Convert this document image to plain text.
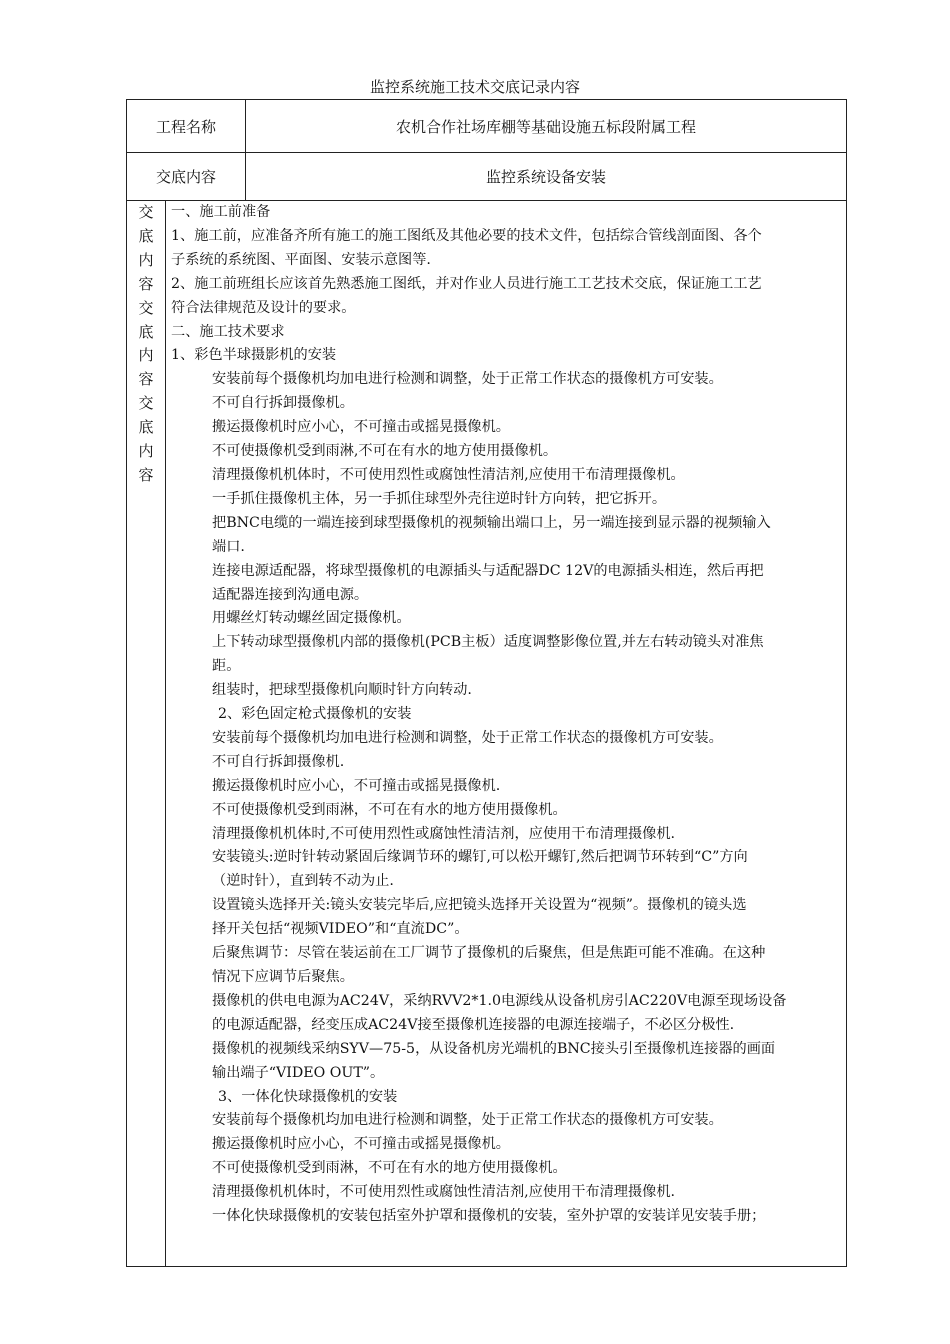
监控系统施工技术交底记录内容
工程名称	农机合作社场库棚等基础设施五标段附属工程
交底内容	监控系统设备安装
交
底
内
容
交
底
内
容
交
底
内
容

一、施工前准备

1、施工前，应准备齐所有施工的施工图纸及其他必要的技术文件，包括综合管线剖面图、各个

子系统的系统图、平面图、安装示意图等.

2、施工前班组长应该首先熟悉施工图纸，并对作业人员进行施工工艺技术交底，保证施工工艺

符合法律规范及设计的要求。

二、施工技术要求

1、彩色半球摄影机的安装

安装前每个摄像机均加电进行检测和调整，处于正常工作状态的摄像机方可安装。

不可自行拆卸摄像机。

搬运摄像机时应小心，不可撞击或摇晃摄像机。

不可使摄像机受到雨淋,不可在有水的地方使用摄像机。

清理摄像机机体时，不可使用烈性或腐蚀性清洁剂,应使用干布清理摄像机。

一手抓住摄像机主体，另一手抓住球型外壳往逆时针方向转，把它拆开。

把BNC电缆的一端连接到球型摄像机的视频输出端口上，另一端连接到显示器的视频输入

端口.

连接电源适配器，将球型摄像机的电源插头与适配器DC 12V的电源插头相连，然后再把

适配器连接到沟通电源。

用螺丝灯转动螺丝固定摄像机。

上下转动球型摄像机内部的摄像机(PCB主板）适度调整影像位置,并左右转动镜头对准焦

距。

组装时，把球型摄像机向顺时针方向转动.

2、彩色固定枪式摄像机的安装

安装前每个摄像机均加电进行检测和调整，处于正常工作状态的摄像机方可安装。

不可自行拆卸摄像机.

搬运摄像机时应小心，不可撞击或摇晃摄像机.

不可使摄像机受到雨淋，不可在有水的地方使用摄像机。

清理摄像机机体时,不可使用烈性或腐蚀性清洁剂，应使用干布清理摄像机.

安装镜头:逆时针转动紧固后缘调节环的螺钉,可以松开螺钉,然后把调节环转到“C”方向

（逆时针），直到转不动为止.

设置镜头选择开关:镜头安装完毕后,应把镜头选择开关设置为“视频”。摄像机的镜头选

择开关包括“视频VIDEO”和“直流DC”。

后聚焦调节：尽管在装运前在工厂调节了摄像机的后聚焦，但是焦距可能不准确。在这种

情况下应调节后聚焦。

摄像机的供电电源为AC24V，采纳RVV2*1.0电源线从设备机房引AC220V电源至现场设备

的电源适配器，经变压成AC24V接至摄像机连接器的电源连接端子，不必区分极性.

摄像机的视频线采纳SYV—75-5，从设备机房光端机的BNC接头引至摄像机连接器的画面

输出端子“VIDEO OUT”。

3、一体化快球摄像机的安装

安装前每个摄像机均加电进行检测和调整，处于正常工作状态的摄像机方可安装。

搬运摄像机时应小心，不可撞击或摇晃摄像机。

不可使摄像机受到雨淋，不可在有水的地方使用摄像机。

清理摄像机机体时，不可使用烈性或腐蚀性清洁剂,应使用干布清理摄像机.

一体化快球摄像机的安装包括室外护罩和摄像机的安装，室外护罩的安装详见安装手册；
